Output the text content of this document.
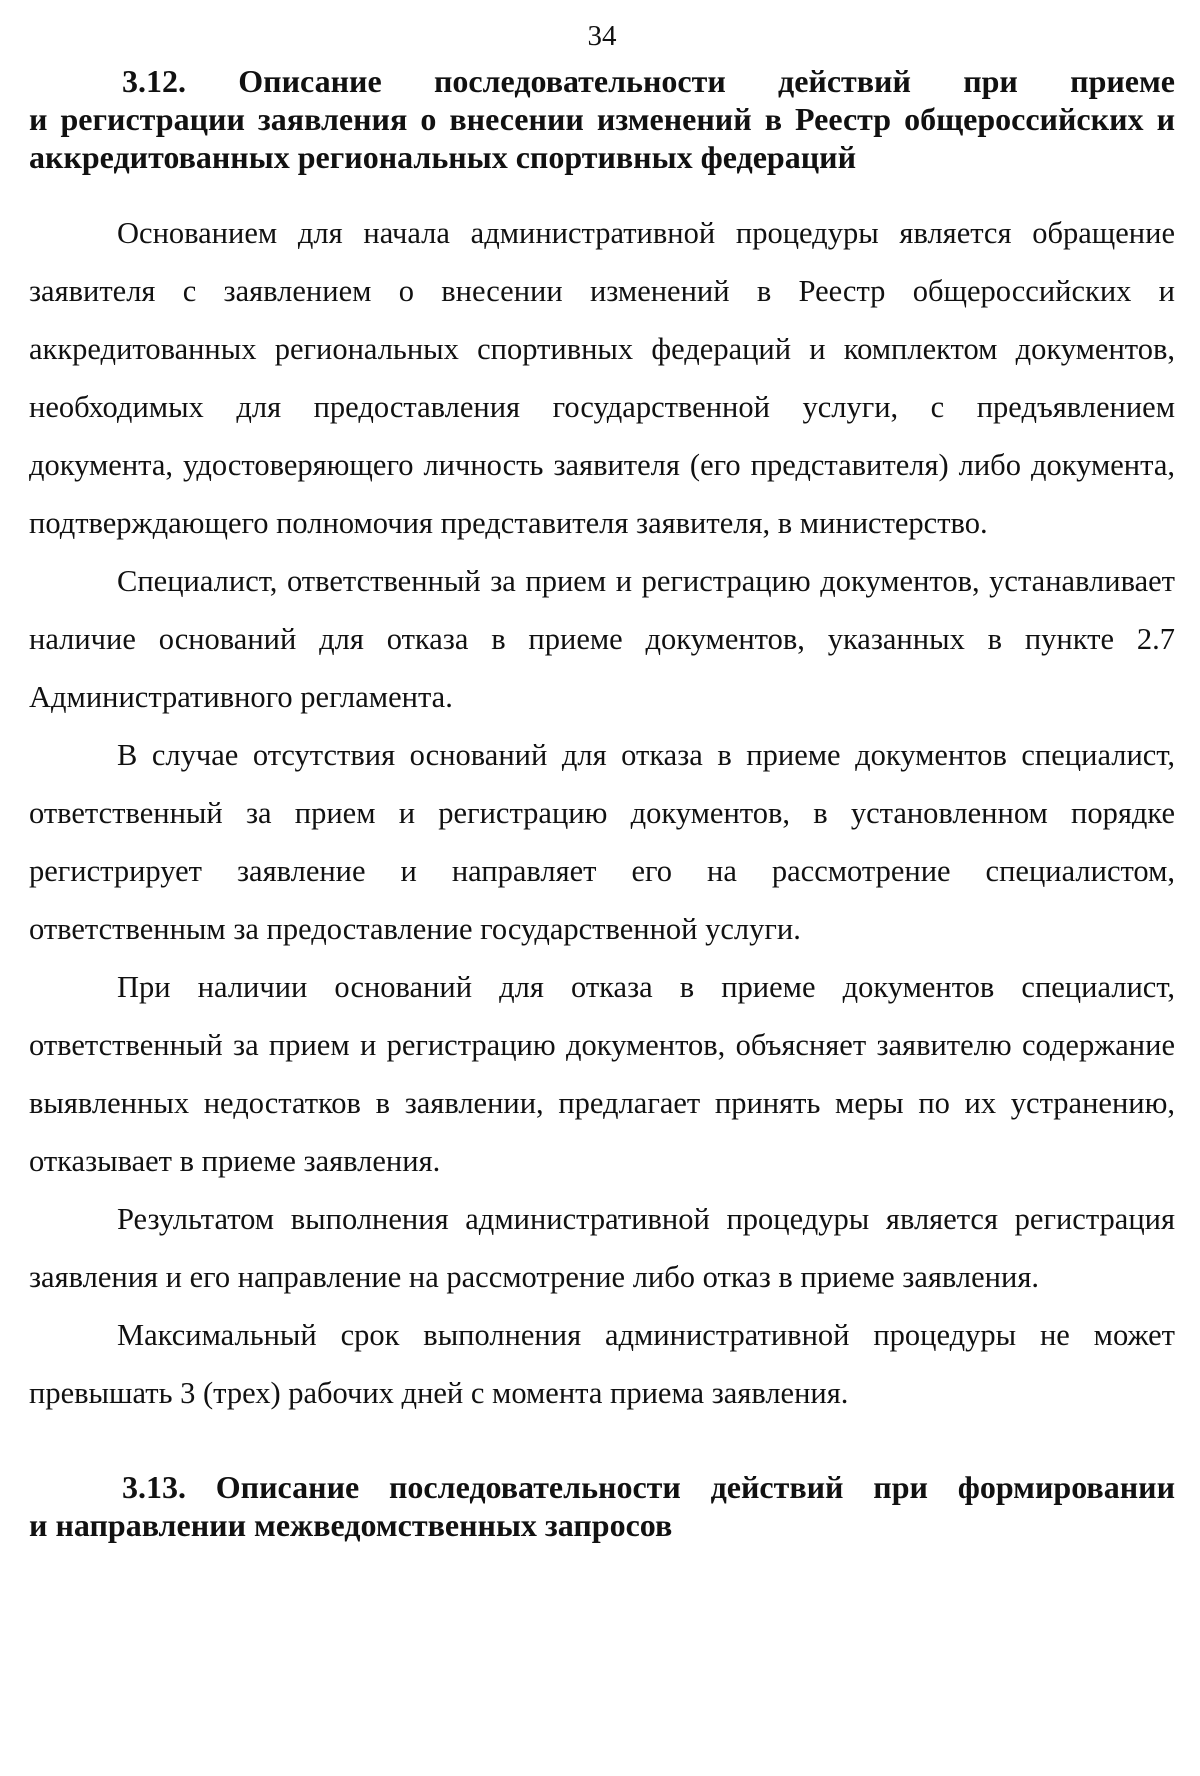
34
3.12. Описание последовательности действий при приеме
и регистрации заявления о внесении изменений в Реестр общероссийских и аккредитованных региональных спортивных федераций

Основанием для начала административной процедуры является обращение заявителя с заявлением о внесении изменений в Реестр общероссийских и аккредитованных региональных спортивных федераций и комплектом документов, необходимых для предоставления государственной услуги, с предъявлением документа, удостоверяющего личность заявителя (его представителя) либо документа, подтверждающего полномочия представителя заявителя, в министерство.

Специалист, ответственный за прием и регистрацию документов, устанавливает наличие оснований для отказа в приеме документов, указанных в пункте 2.7 Административного регламента.

В случае отсутствия оснований для отказа в приеме документов специалист, ответственный за прием и регистрацию документов, в установленном порядке регистрирует заявление и направляет его на рассмотрение специалистом, ответственным за предоставление государственной услуги.

При наличии оснований для отказа в приеме документов специалист, ответственный за прием и регистрацию документов, объясняет заявителю содержание выявленных недостатков в заявлении, предлагает принять меры по их устранению, отказывает в приеме заявления.

Результатом выполнения административной процедуры является регистрация заявления и его направление на рассмотрение либо отказ в приеме заявления.

Максимальный срок выполнения административной процедуры не может превышать 3 (трех) рабочих дней с момента приема заявления.

3.13. Описание последовательности действий при формировании
и направлении межведомственных запросов
